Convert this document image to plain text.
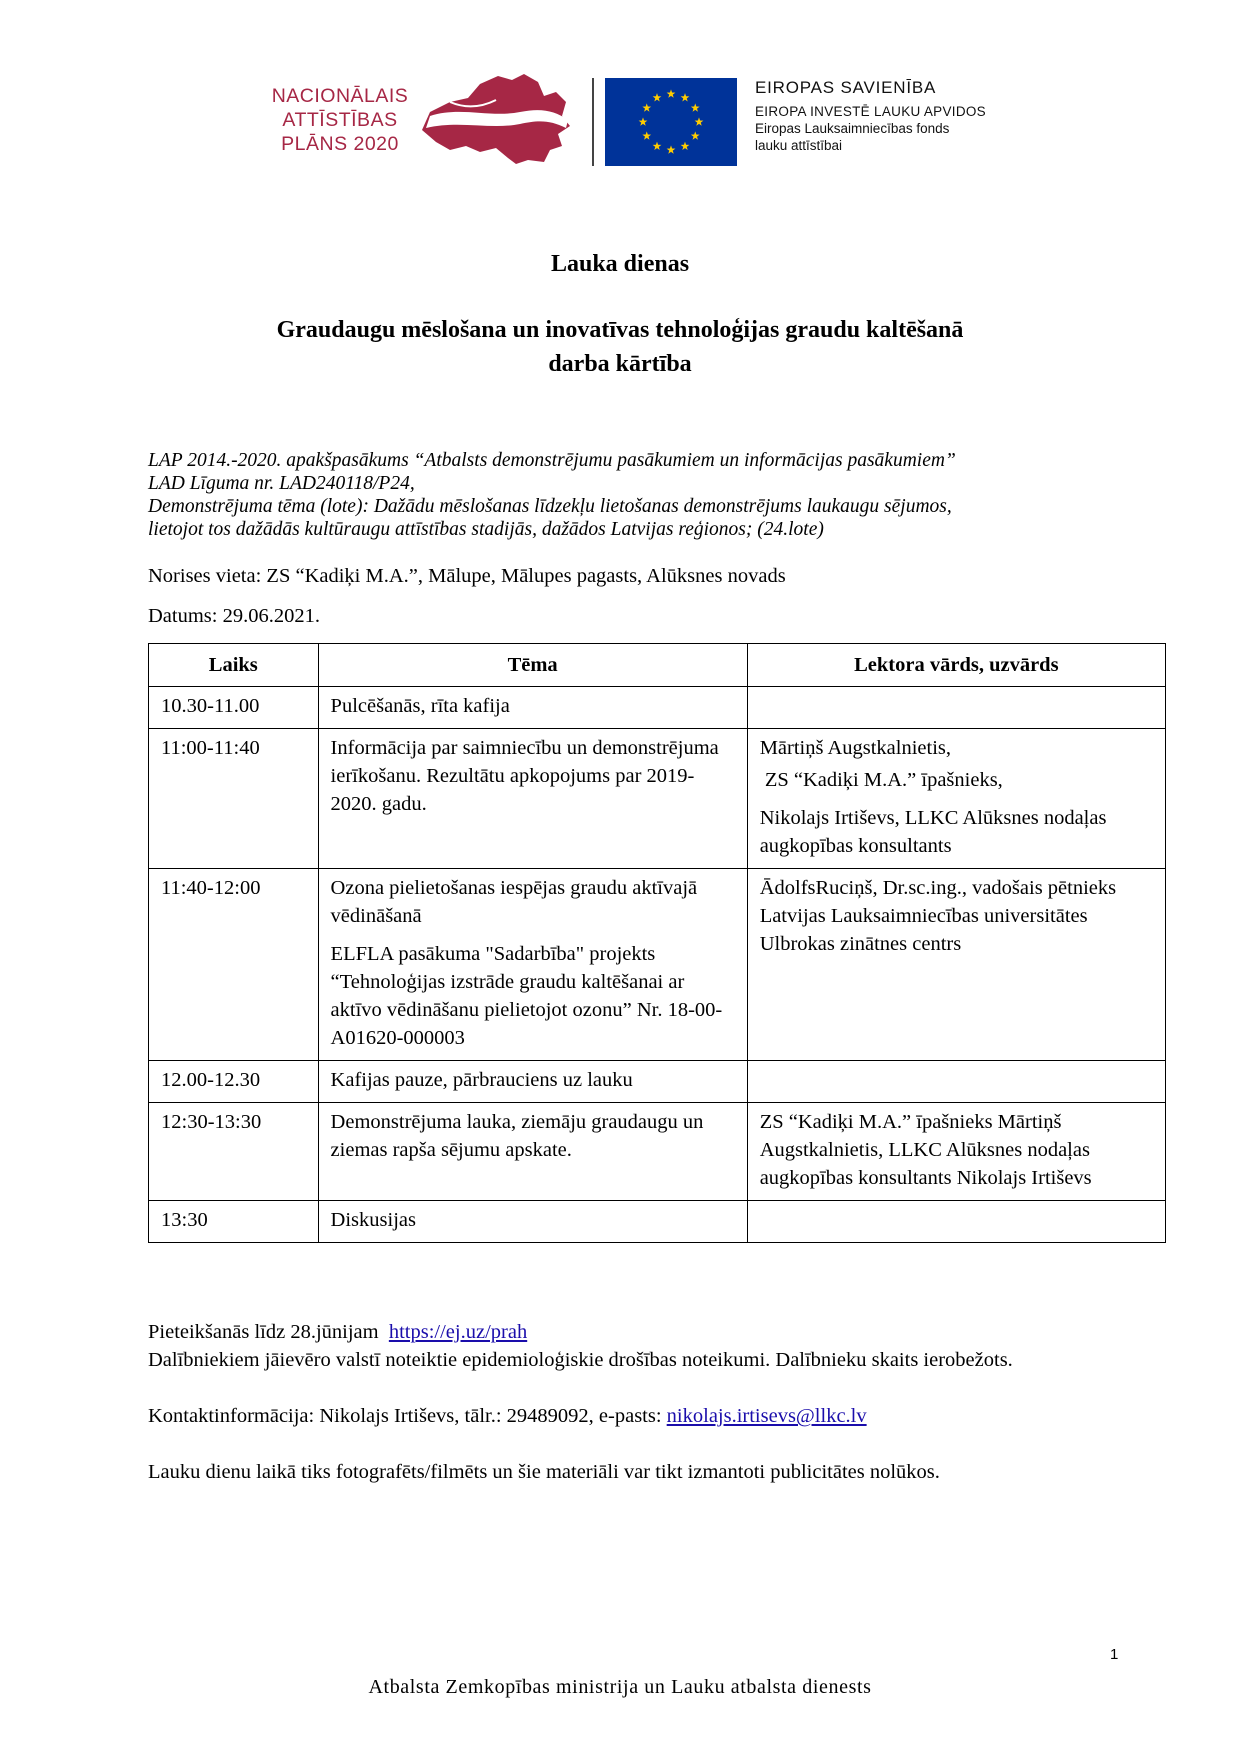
NACIONĀLAIS
ATTĪSTĪBAS
PLĀNS 2020
EIROPAS SAVIENĪBA
EIROPA INVESTĒ LAUKU APVIDOS
Eiropas Lauksaimniecības fonds
lauku attīstībai
Lauka dienas
Graudaugu mēslošana un inovatīvas tehnoloģijas graudu kaltēšanā
darba kārtība
LAP 2014.-2020. apakšpasākums “Atbalsts demonstrējumu pasākumiem un informācijas pasākumiem”
LAD Līguma nr. LAD240118/P24,
Demonstrējuma tēma (lote): Dažādu mēslošanas līdzekļu lietošanas demonstrējums laukaugu sējumos,
lietojot tos dažādās kultūraugu attīstības stadijās, dažādos Latvijas reģionos; (24.lote)
Norises vieta: ZS “Kadiķi M.A.”, Mālupe, Mālupes pagasts, Alūksnes novads
Datums: 29.06.2021.
Laiks	Tēma	Lektora vārds, uzvārds
10.30-11.00	Pulcēšanās, rīta kafija	

11:00-11:40	Informācija par saimniecību un demonstrējuma ierīkošanu. Rezultātu apkopojums par 2019-2020. gadu.	Mārtiņš Augstkalnietis,

ZS “Kadiķi M.A.” īpašnieks,

Nikolajs Irtiševs, LLKC Alūksnes nodaļas augkopības konsultants

11:40-12:00	Ozona pielietošanas iespējas graudu aktīvajā vēdināšanā

ELFLA pasākuma "Sadarbība" projekts “Tehnoloģijas izstrāde graudu kaltēšanai ar aktīvo vēdināšanu pielietojot ozonu” Nr. 18-00-A01620-000003	ĀdolfsRuciņš, Dr.sc.ing., vadošais pētnieks Latvijas Lauksaimniecības universitātes Ulbrokas zinātnes centrs

12.00-12.30	Kafijas pauze, pārbrauciens uz lauku	

12:30-13:30	Demonstrējuma lauka, ziemāju graudaugu un ziemas rapša sējumu apskate.	ZS “Kadiķi M.A.” īpašnieks Mārtiņš Augstkalnietis, LLKC Alūksnes nodaļas augkopības konsultants Nikolajs Irtiševs

13:30	Diskusijas	

Pieteikšanās līdz 28.jūnijam  https://ej.uz/prah
Dalībniekiem jāievēro valstī noteiktie epidemioloģiskie drošības noteikumi. Dalībnieku skaits ierobežots.
Kontaktinformācija: Nikolajs Irtiševs, tālr.: 29489092, e-pasts: nikolajs.irtisevs@llkc.lv
Lauku dienu laikā tiks fotografēts/filmēts un šie materiāli var tikt izmantoti publicitātes nolūkos.
1
Atbalsta Zemkopības ministrija un Lauku atbalsta dienests
